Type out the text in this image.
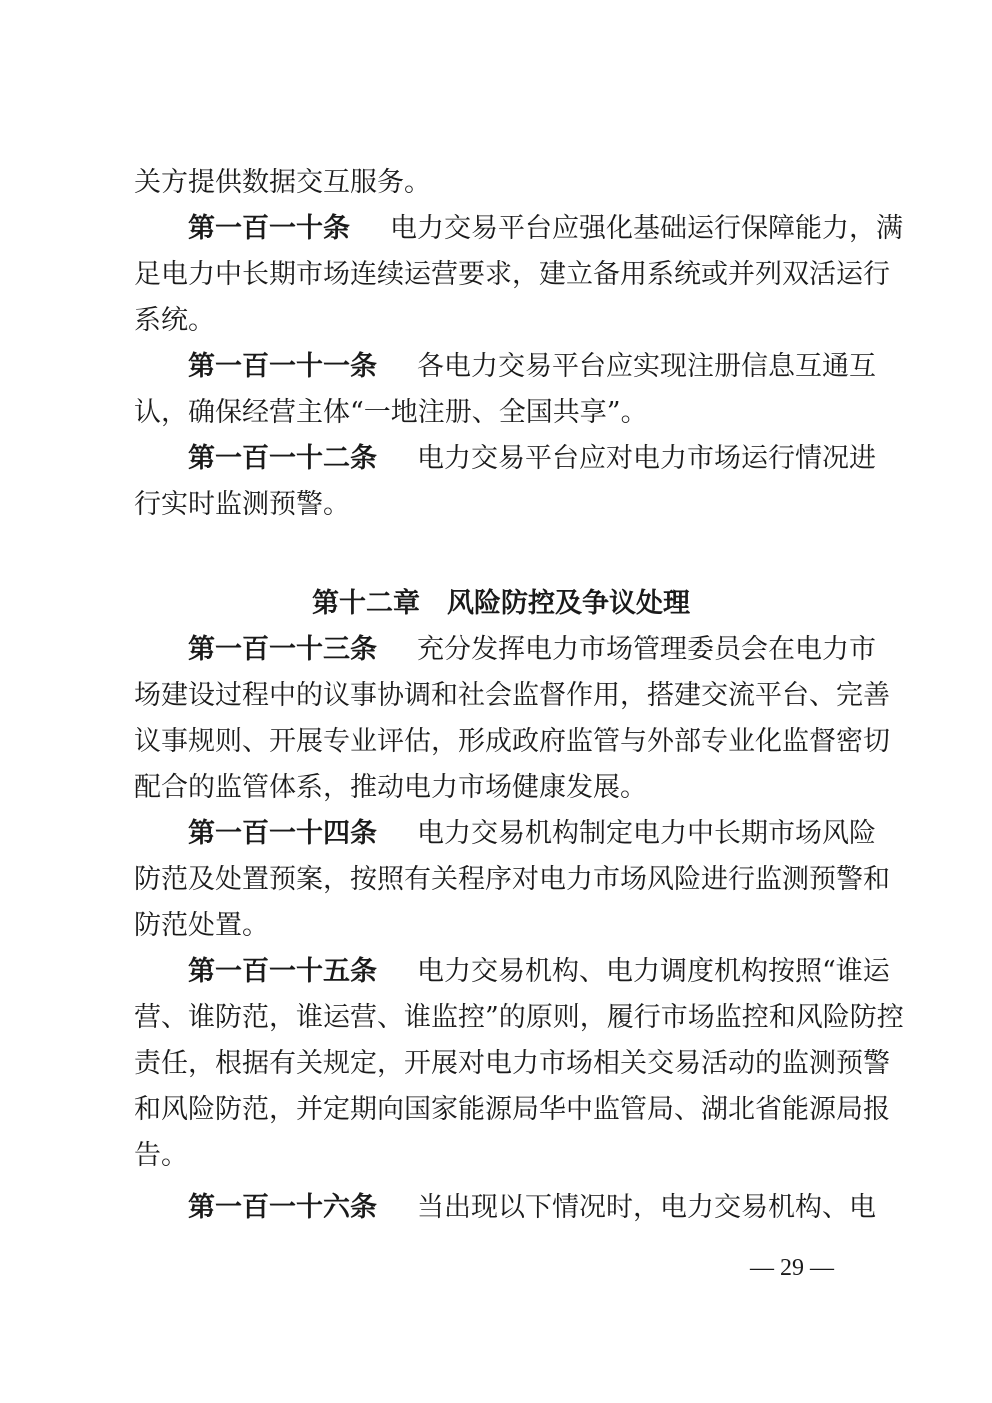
关方提供数据交互服务。
第一百一十条 电力交易平台应强化基础运行保障能力，满
足电力中长期市场连续运营要求，建立备用系统或并列双活运行
系统。
第一百一十一条 各电力交易平台应实现注册信息互通互
认，确保经营主体“一地注册、全国共享”。
第一百一十二条 电力交易平台应对电力市场运行情况进
行实时监测预警。
第十二章　风险防控及争议处理
第一百一十三条 充分发挥电力市场管理委员会在电力市
场建设过程中的议事协调和社会监督作用，搭建交流平台、完善
议事规则、开展专业评估，形成政府监管与外部专业化监督密切
配合的监管体系，推动电力市场健康发展。
第一百一十四条 电力交易机构制定电力中长期市场风险
防范及处置预案，按照有关程序对电力市场风险进行监测预警和
防范处置。
第一百一十五条 电力交易机构、电力调度机构按照“谁运
营、谁防范，谁运营、谁监控”的原则，履行市场监控和风险防控
责任，根据有关规定，开展对电力市场相关交易活动的监测预警
和风险防范，并定期向国家能源局华中监管局、湖北省能源局报
告。
第一百一十六条 当出现以下情况时，电力交易机构、电
— 29 —
